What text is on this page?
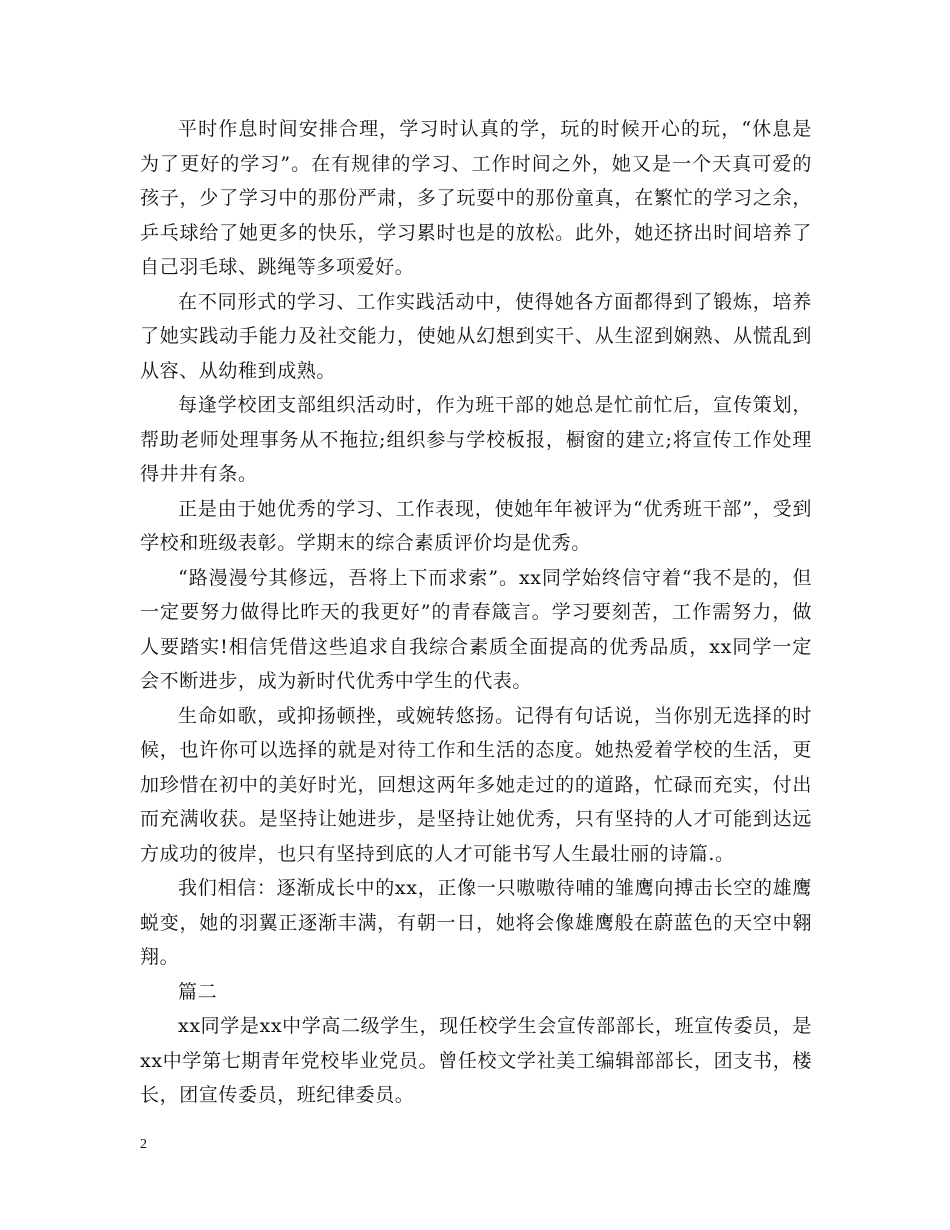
平时作息时间安排合理，学习时认真的学，玩的时候开心的玩，“休息是为了更好的学习”。在有规律的学习、工作时间之外，她又是一个天真可爱的孩子，少了学习中的那份严肃，多了玩耍中的那份童真，在繁忙的学习之余，乒乓球给了她更多的快乐，学习累时也是的放松。此外，她还挤出时间培养了自己羽毛球、跳绳等多项爱好。

在不同形式的学习、工作实践活动中，使得她各方面都得到了锻炼，培养了她实践动手能力及社交能力，使她从幻想到实干、从生涩到娴熟、从慌乱到从容、从幼稚到成熟。

每逢学校团支部组织活动时，作为班干部的她总是忙前忙后，宣传策划，帮助老师处理事务从不拖拉;组织参与学校板报，橱窗的建立;将宣传工作处理得井井有条。

正是由于她优秀的学习、工作表现，使她年年被评为“优秀班干部”，受到学校和班级表彰。学期末的综合素质评价均是优秀。

“路漫漫兮其修远，吾将上下而求索”。xx同学始终信守着“我不是的，但一定要努力做得比昨天的我更好”的青春箴言。学习要刻苦，工作需努力，做人要踏实!相信凭借这些追求自我综合素质全面提高的优秀品质，xx同学一定会不断进步，成为新时代优秀中学生的代表。

生命如歌，或抑扬顿挫，或婉转悠扬。记得有句话说，当你别无选择的时候，也许你可以选择的就是对待工作和生活的态度。她热爱着学校的生活，更加珍惜在初中的美好时光，回想这两年多她走过的的道路，忙碌而充实，付出而充满收获。是坚持让她进步，是坚持让她优秀，只有坚持的人才可能到达远方成功的彼岸，也只有坚持到底的人才可能书写人生最壮丽的诗篇.。

我们相信：逐渐成长中的xx，正像一只嗷嗷待哺的雏鹰向搏击长空的雄鹰蜕变，她的羽翼正逐渐丰满，有朝一日，她将会像雄鹰般在蔚蓝色的天空中翱翔。

篇二

xx同学是xx中学高二级学生，现任校学生会宣传部部长，班宣传委员，是xx中学第七期青年党校毕业党员。曾任校文学社美工编辑部部长，团支书，楼长，团宣传委员，班纪律委员。

2
